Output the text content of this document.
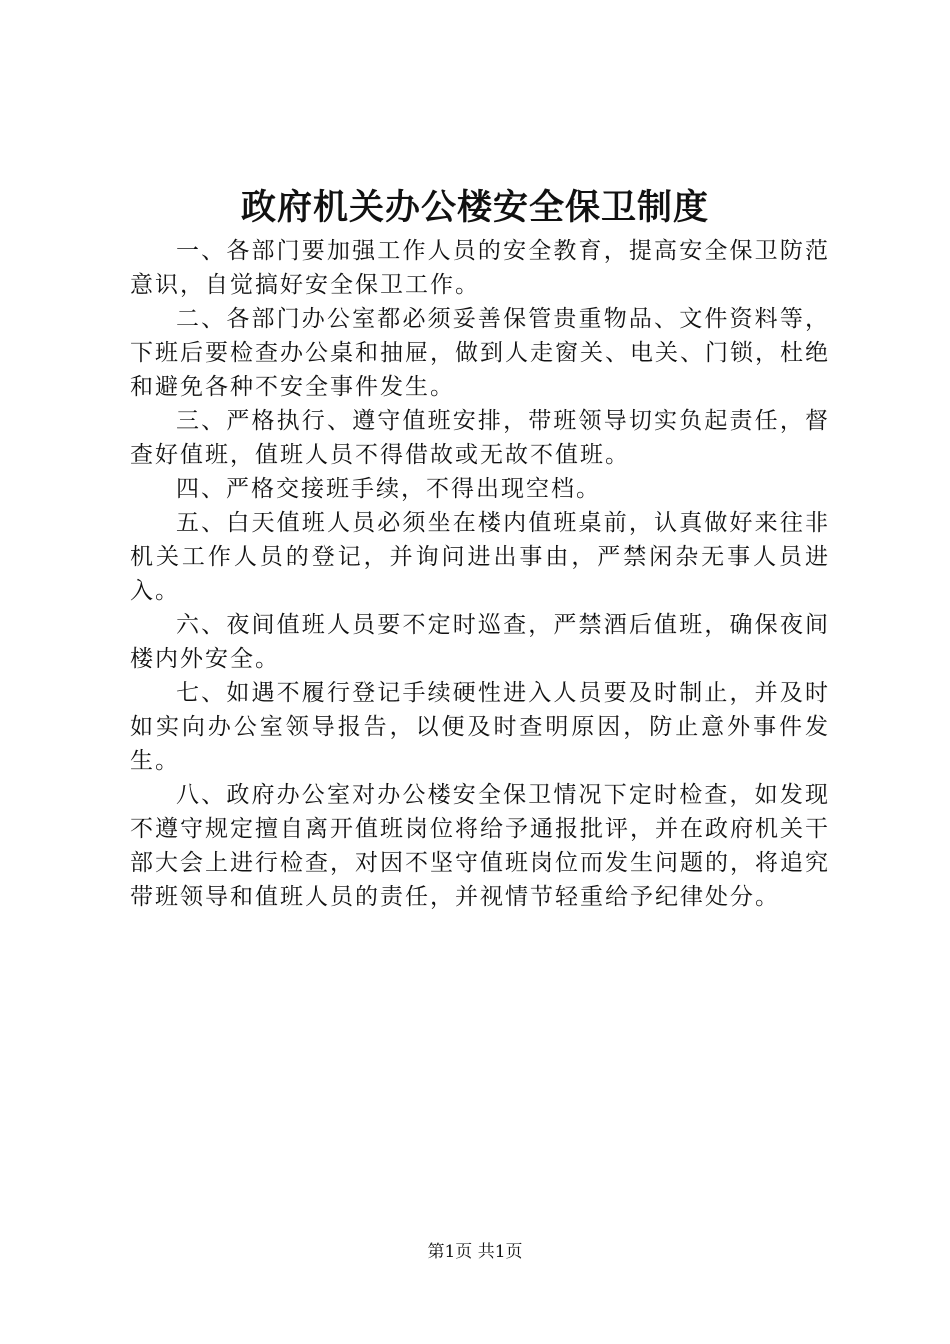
政府机关办公楼安全保卫制度

一、各部门要加强工作人员的安全教育，提高安全保卫防范意识，自觉搞好安全保卫工作。

二、各部门办公室都必须妥善保管贵重物品、文件资料等，下班后要检查办公桌和抽屉，做到人走窗关、电关、门锁，杜绝和避免各种不安全事件发生。

三、严格执行、遵守值班安排，带班领导切实负起责任，督查好值班，值班人员不得借故或无故不值班。

四、严格交接班手续，不得出现空档。

五、白天值班人员必须坐在楼内值班桌前，认真做好来往非机关工作人员的登记，并询问进出事由，严禁闲杂无事人员进入。

六、夜间值班人员要不定时巡查，严禁酒后值班，确保夜间楼内外安全。

七、如遇不履行登记手续硬性进入人员要及时制止，并及时如实向办公室领导报告，以便及时查明原因，防止意外事件发生。

八、政府办公室对办公楼安全保卫情况下定时检查，如发现不遵守规定擅自离开值班岗位将给予通报批评，并在政府机关干部大会上进行检查，对因不坚守值班岗位而发生问题的，将追究带班领导和值班人员的责任，并视情节轻重给予纪律处分。

第1页 共1页
